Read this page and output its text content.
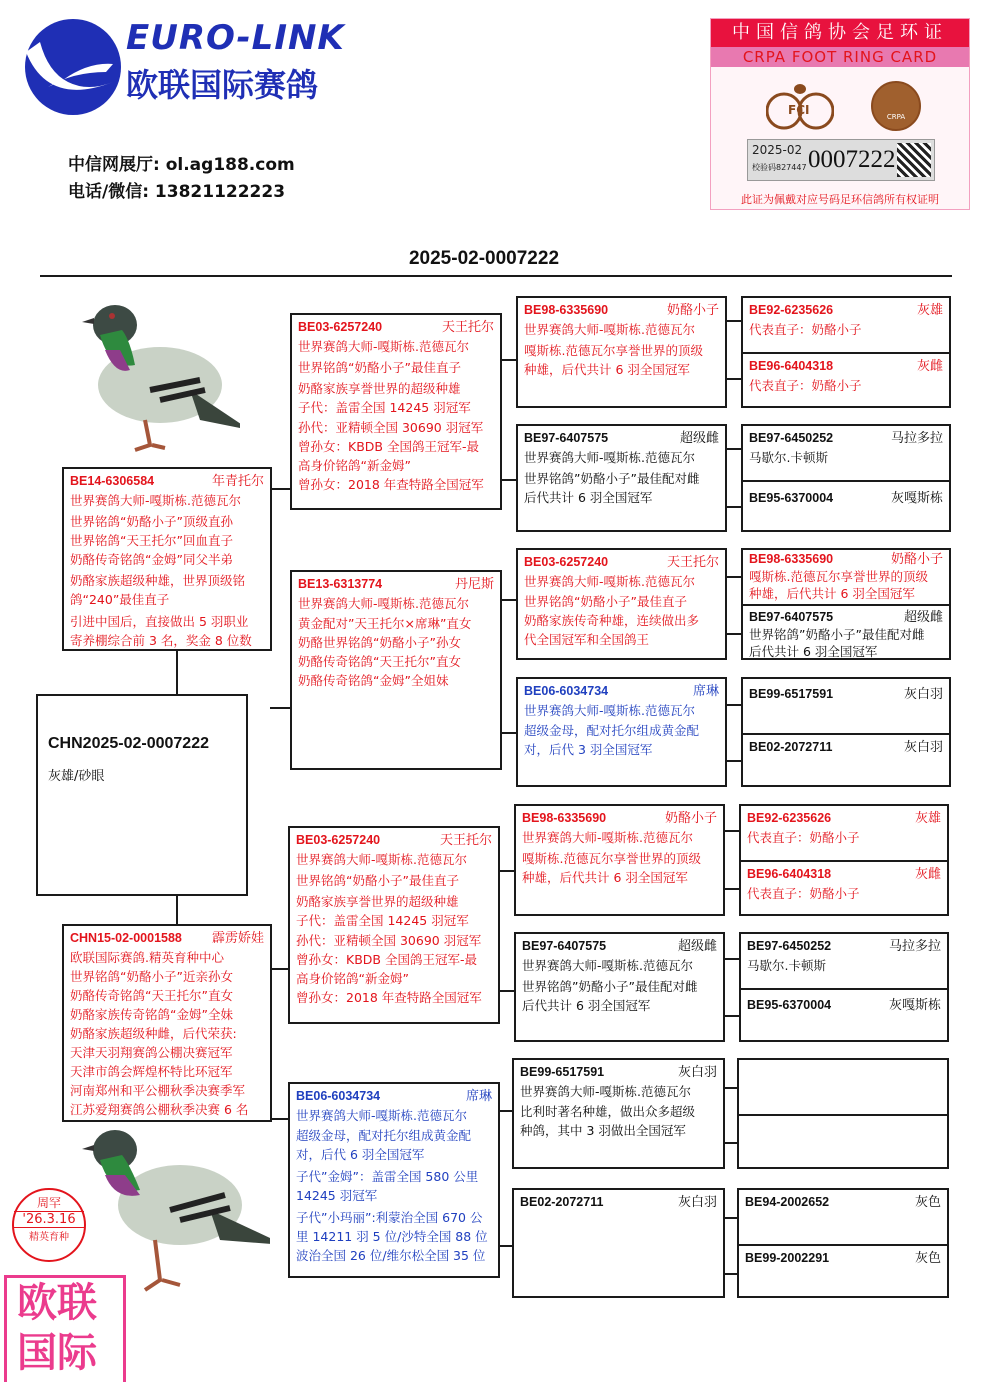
EURO-LINK
欧联国际赛鸽
中信网展厅: ol.ag188.com
电话/微信: 13821122223
中国信鸽协会足环证
CRPA FOOT RING CARD
FCI	CRPA
2025-02
校验码827447 0007222
此证为佩戴对应号码足环信鸽所有权证明
2025-02-0007222
周罕
'26.3.16
精英育种
欧联国际
CHN2025-02-0007222
灰雄/砂眼
BE14-6306584	年青托尔

世界赛鸽大师-嘎斯栋.范德瓦尔

世界铭鸽“奶酪小子”顶级直孙

世界铭鸽“天王托尔”回血直子

奶酪传奇铭鸽“金姆”同父半弟

奶酪家族超级种雄，世界顶级铭

鸽“240”最佳直子

引进中国后，直接做出 5 羽职业

寄养棚综合前 3 名，奖金 8 位数

CHN15-02-0001588 霹雳娇娃

欧联国际赛鸽.精英育种中心

世界铭鸽“奶酪小子”近亲孙女

奶酪传奇铭鸽“天王托尔”直女

奶酪家族传奇铭鸽“金姆”全妹

奶酪家族超级种雌，后代荣获:

天津天羽翔赛鸽公棚决赛冠军

天津市鸽会辉煌杯特比环冠军

河南郑州和平公棚秋季决赛季军

江苏爱翔赛鸽公棚秋季决赛 6 名

BE03-6257240	天王托尔

世界赛鸽大师-嘎斯栋.范德瓦尔

世界铭鸽“奶酪小子”最佳直子

奶酪家族享誉世界的超级种雄

子代：盖雷全国 14245 羽冠军

孙代：亚精顿全国 30690 羽冠军

曾孙女：KBDB 全国鸽王冠军-最

高身价铭鸽“新金姆”

曾孙女：2018 年查特路全国冠军

BE13-6313774	丹尼斯

世界赛鸽大师-嘎斯栋.范德瓦尔

黄金配对”天王托尔×席琳”直女

奶酪世界铭鸽“奶酪小子”孙女

奶酪传奇铭鸽“天王托尔”直女

奶酪传奇铭鸽“金姆”全姐妹

BE03-6257240	天王托尔

世界赛鸽大师-嘎斯栋.范德瓦尔

世界铭鸽“奶酪小子”最佳直子

奶酪家族享誉世界的超级种雄

子代：盖雷全国 14245 羽冠军

孙代：亚精顿全国 30690 羽冠军

曾孙女：KBDB 全国鸽王冠军-最

高身价铭鸽“新金姆”

曾孙女：2018 年查特路全国冠军

BE06-6034734	席琳

世界赛鸽大师-嘎斯栋.范德瓦尔

超级金母，配对托尔组成黄金配

对，后代 6 羽全国冠军

子代”金姆”：盖雷全国 580 公里

14245 羽冠军

子代”小玛丽”:利蒙治全国 670 公

里 14211 羽 5 位/沙特全国 88 位

波治全国 26 位/维尔松全国 35 位

BE98-6335690	奶酪小子

世界赛鸽大师-嘎斯栋.范德瓦尔

嘎斯栋.范德瓦尔享誉世界的顶级

种雄，后代共计 6 羽全国冠军

BE97-6407575	超级雌

世界赛鸽大师-嘎斯栋.范德瓦尔

世界铭鸽”奶酪小子”最佳配对雌

后代共计 6 羽全国冠军

BE03-6257240	天王托尔

世界赛鸽大师-嘎斯栋.范德瓦尔

世界铭鸽“奶酪小子”最佳直子

奶酪家族传奇种雄，连续做出多

代全国冠军和全国鸽王

BE06-6034734	席琳

世界赛鸽大师-嘎斯栋.范德瓦尔

超级金母，配对托尔组成黄金配

对，后代 3 羽全国冠军

BE98-6335690	奶酪小子

世界赛鸽大师-嘎斯栋.范德瓦尔

嘎斯栋.范德瓦尔享誉世界的顶级

种雄，后代共计 6 羽全国冠军

BE97-6407575	超级雌

世界赛鸽大师-嘎斯栋.范德瓦尔

世界铭鸽”奶酪小子”最佳配对雌

后代共计 6 羽全国冠军

BE99-6517591	灰白羽

世界赛鸽大师-嘎斯栋.范德瓦尔

比利时著名种雄，做出众多超级

种鸽，其中 3 羽做出全国冠军

BE02-2072711	灰白羽
BE92-6235626	灰雄

代表直子：奶酪小子

BE96-6404318	灰雌

代表直子：奶酪小子

BE97-6450252	马拉多拉

马歇尔.卡顿斯

BE95-6370004	灰嘎斯栋
BE98-6335690	奶酪小子

嘎斯栋.范德瓦尔享誉世界的顶级

种雄，后代共计 6 羽全国冠军

BE97-6407575	超级雌

世界铭鸽”奶酪小子”最佳配对雌

后代共计 6 羽全国冠军

BE99-6517591	灰白羽
BE02-2072711	灰白羽
BE92-6235626	灰雄

代表直子：奶酪小子

BE96-6404318	灰雌

代表直子：奶酪小子

BE97-6450252	马拉多拉

马歇尔.卡顿斯

BE95-6370004	灰嘎斯栋
BE94-2002652	灰色
BE99-2002291	灰色
